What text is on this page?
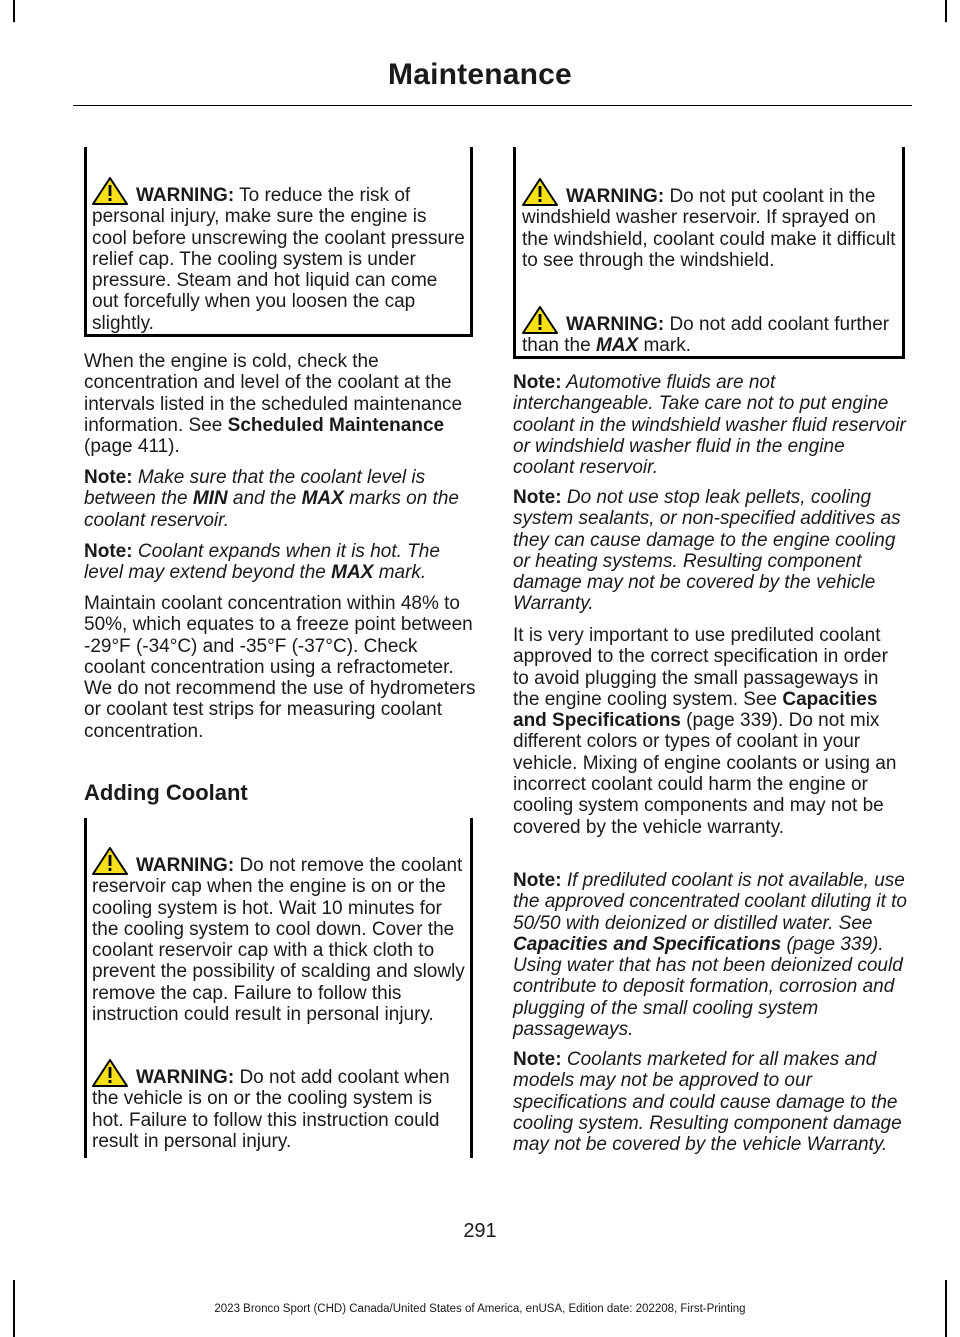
Maintenance
WARNING: To reduce the risk of personal injury, make sure the engine is cool before unscrewing the coolant pressure relief cap. The cooling system is under pressure. Steam and hot liquid can come out forcefully when you loosen the cap slightly.
When the engine is cold, check the concentration and level of the coolant at the intervals listed in the scheduled maintenance information. See Scheduled Maintenance (page 411).
Note: Make sure that the coolant level is between the MIN and the MAX marks on the coolant reservoir.
Note: Coolant expands when it is hot. The level may extend beyond the MAX mark.
Maintain coolant concentration within 48% to 50%, which equates to a freeze point between -29°F (-34°C) and -35°F (-37°C). Check coolant concentration using a refractometer. We do not recommend the use of hydrometers or coolant test strips for measuring coolant concentration.
Adding Coolant
WARNING: Do not remove the coolant reservoir cap when the engine is on or the cooling system is hot. Wait 10 minutes for the cooling system to cool down. Cover the coolant reservoir cap with a thick cloth to prevent the possibility of scalding and slowly remove the cap. Failure to follow this instruction could result in personal injury.
WARNING: Do not add coolant when the vehicle is on or the cooling system is hot. Failure to follow this instruction could result in personal injury.
WARNING: Do not put coolant in the windshield washer reservoir. If sprayed on the windshield, coolant could make it difficult to see through the windshield.
WARNING: Do not add coolant further than the MAX mark.
Note: Automotive fluids are not interchangeable. Take care not to put engine coolant in the windshield washer fluid reservoir or windshield washer fluid in the engine coolant reservoir.
Note: Do not use stop leak pellets, cooling system sealants, or non-specified additives as they can cause damage to the engine cooling or heating systems. Resulting component damage may not be covered by the vehicle Warranty.
It is very important to use prediluted coolant approved to the correct specification in order to avoid plugging the small passageways in the engine cooling system. See Capacities and Specifications (page 339). Do not mix different colors or types of coolant in your vehicle. Mixing of engine coolants or using an incorrect coolant could harm the engine or cooling system components and may not be covered by the vehicle warranty.
Note: If prediluted coolant is not available, use the approved concentrated coolant diluting it to 50/50 with deionized or distilled water. See Capacities and Specifications (page 339). Using water that has not been deionized could contribute to deposit formation, corrosion and plugging of the small cooling system passageways.
Note: Coolants marketed for all makes and models may not be approved to our specifications and could cause damage to the cooling system. Resulting component damage may not be covered by the vehicle Warranty.
291
2023 Bronco Sport (CHD) Canada/United States of America, enUSA, Edition date: 202208, First-Printing
